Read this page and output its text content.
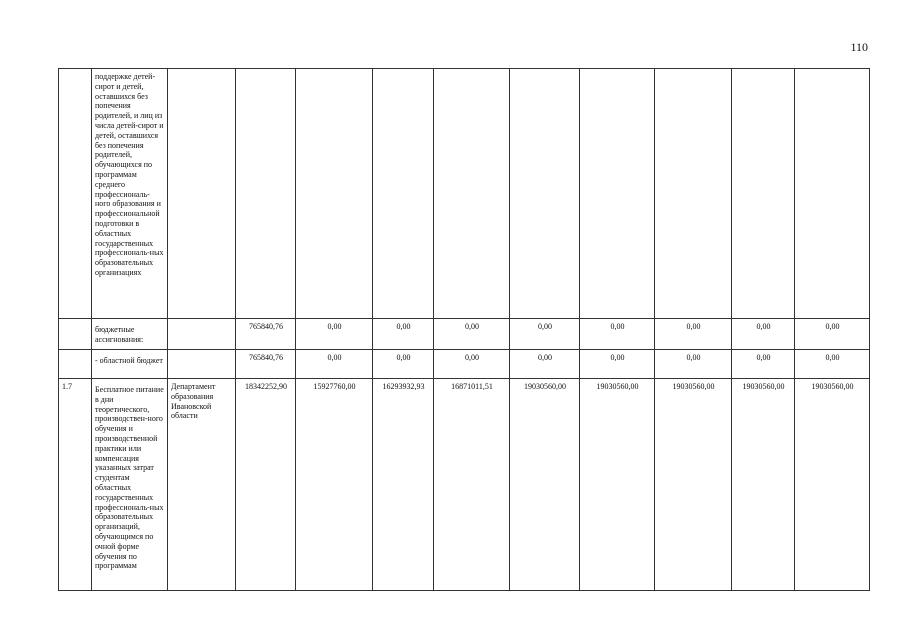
110
	поддержке детей-сирот и детей, оставшихся без попечения родителей, и лиц из числа детей-сирот и детей, оставшихся без попечения родителей, обучающихся по программам среднего профессиональ-ного образования и профессиональной подготовки в областных государственных профессиональ-ных образовательных организациях										
	бюджетные ассигнования:		765840,76	0,00	0,00	0,00	0,00	0,00	0,00	0,00	0,00
	- областной бюджет		765840,76	0,00	0,00	0,00	0,00	0,00	0,00	0,00	0,00
1.7	Бесплатное питание в дни теоретического, производствен-ного обучения и производственной практики или компенсация указанных затрат студентам областных государственных профессиональ-ных образовательных организаций, обучающимся по очной форме обучения по программам	Департамент образования Ивановской области	18342252,90	15927760,00	16293932,93	16871011,51	19030560,00	19030560,00	19030560,00	19030560,00	19030560,00
